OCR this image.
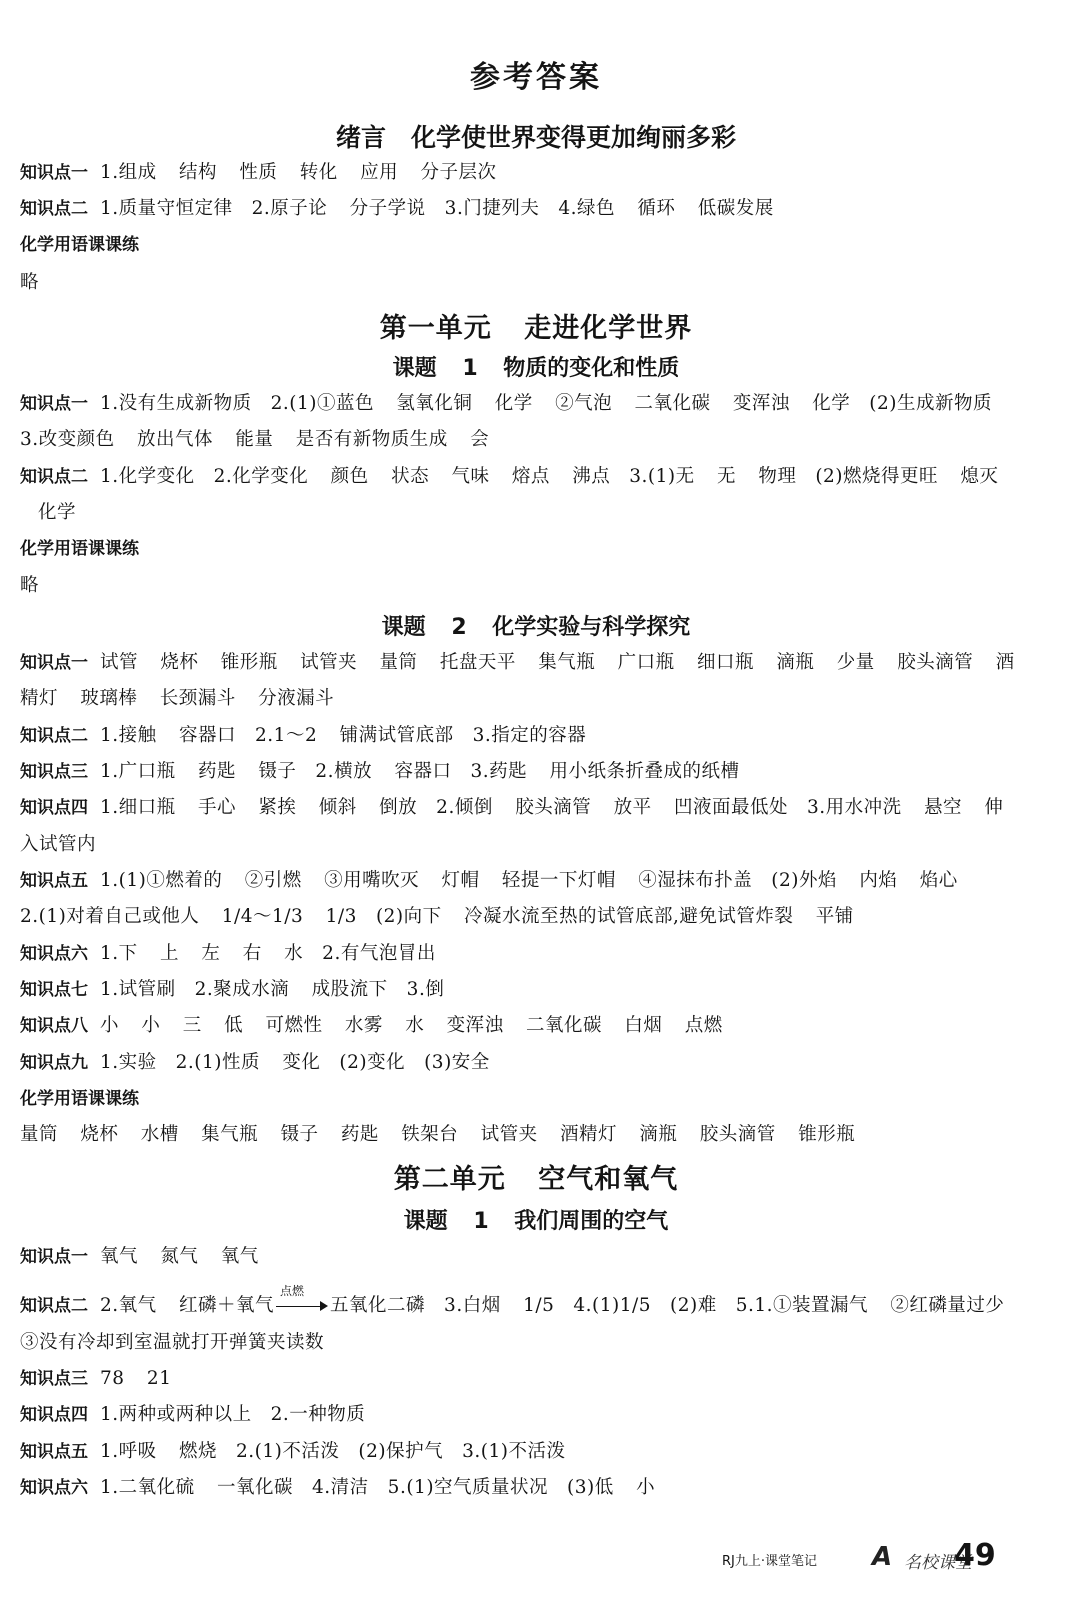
参考答案
绪言　化学使世界变得更加绚丽多彩
知识点一 1.组成 结构 性质 转化 应用 分子层次
知识点二 1.质量守恒定律　2.原子论 分子学说　3.门捷列夫　4.绿色 循环 低碳发展
化学用语课课练
略
第一单元 走进化学世界
课题 1 物质的变化和性质
知识点一 1.没有生成新物质　2.(1)①蓝色 氢氧化铜 化学 ②气泡 二氧化碳 变浑浊 化学　(2)生成新物质
3.改变颜色 放出气体 能量 是否有新物质生成 会
知识点二 1.化学变化　2.化学变化 颜色 状态 气味 熔点 沸点　3.(1)无 无 物理　(2)燃烧得更旺 熄灭
化学
化学用语课课练
略
课题 2 化学实验与科学探究
知识点一 试管 烧杯 锥形瓶 试管夹 量筒 托盘天平 集气瓶 广口瓶 细口瓶 滴瓶 少量 胶头滴管 酒
精灯 玻璃棒 长颈漏斗 分液漏斗
知识点二 1.接触 容器口　2.1～2 铺满试管底部　3.指定的容器
知识点三 1.广口瓶 药匙 镊子　2.横放 容器口　3.药匙 用小纸条折叠成的纸槽
知识点四 1.细口瓶 手心 紧挨 倾斜 倒放　2.倾倒 胶头滴管 放平 凹液面最低处　3.用水冲洗 悬空 伸
入试管内
知识点五 1.(1)①燃着的 ②引燃 ③用嘴吹灭 灯帽 轻提一下灯帽 ④湿抹布扑盖　(2)外焰 内焰 焰心
2.(1)对着自己或他人 1/4～1/3 1/3　(2)向下 冷凝水流至热的试管底部,避免试管炸裂 平铺
知识点六 1.下 上 左 右 水　2.有气泡冒出
知识点七 1.试管刷　2.聚成水滴 成股流下　3.倒
知识点八 小 小 三 低 可燃性 水雾 水 变浑浊 二氧化碳 白烟 点燃
知识点九 1.实验　2.(1)性质 变化　(2)变化　(3)安全
化学用语课课练
量筒 烧杯 水槽 集气瓶 镊子 药匙 铁架台 试管夹 酒精灯 滴瓶 胶头滴管 锥形瓶
第二单元 空气和氧气
课题 1 我们周围的空气
知识点一 氧气 氮气 氧气
知识点二 2.氧气 红磷＋氧气
点燃
五氧化二磷　3.白烟 1/5　4.(1)1/5　(2)难　5.1.①装置漏气 ②红磷量过少
③没有冷却到室温就打开弹簧夹读数
知识点三 78 21
知识点四 1.两种或两种以上　2.一种物质
知识点五 1.呼吸 燃烧　2.(1)不活泼　(2)保护气　3.(1)不活泼
知识点六 1.二氧化硫 一氧化碳　4.清洁　5.(1)空气质量状况　(3)低 小
RJ九上·课堂笔记 A 名校课堂
49
